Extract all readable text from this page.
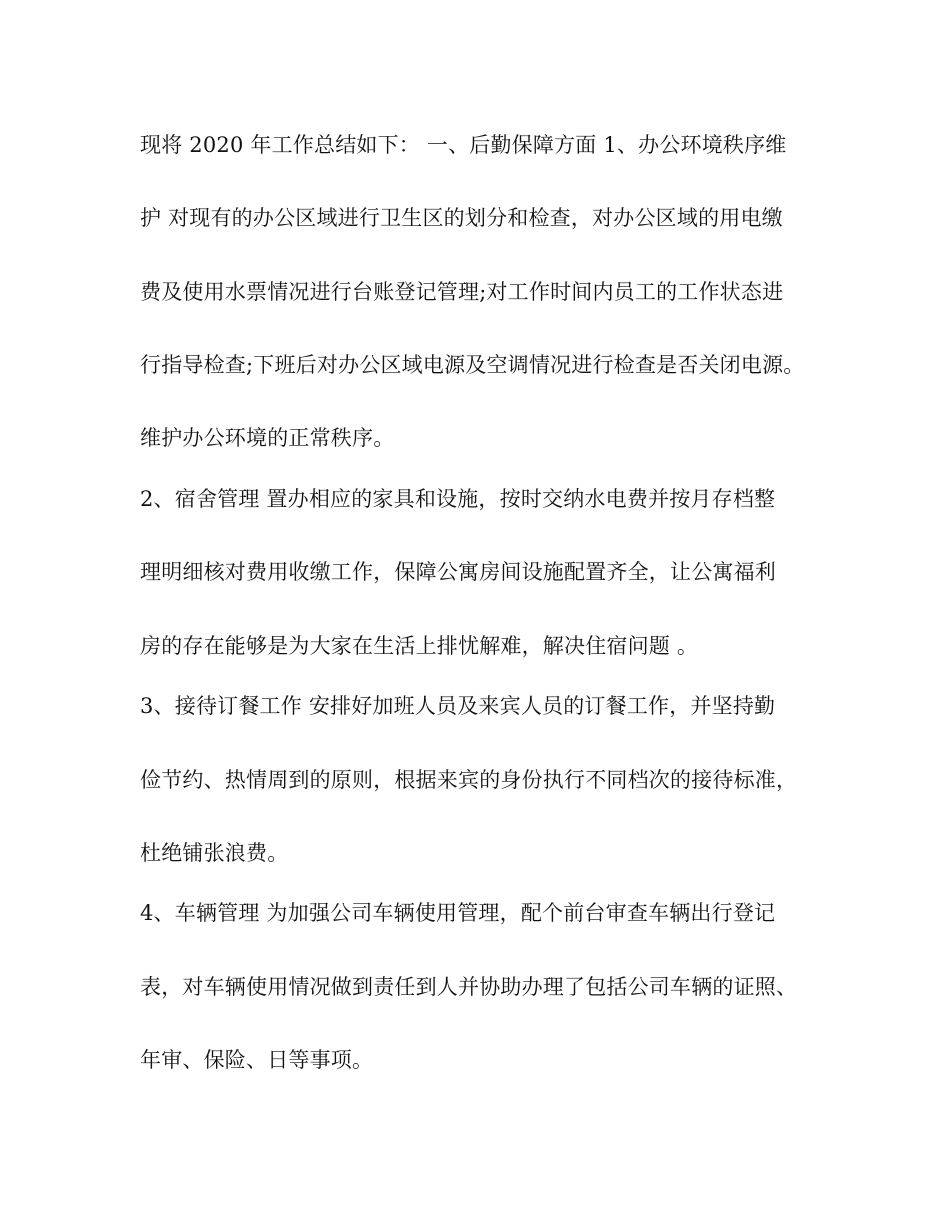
现将 2020 年工作总结如下： 一、后勤保障方面 1、办公环境秩序维
护 对现有的办公区域进行卫生区的划分和检查，对办公区域的用电缴
费及使用水票情况进行台账登记管理;对工作时间内员工的工作状态进
行指导检查;下班后对办公区域电源及空调情况进行检查是否关闭电源。
维护办公环境的正常秩序。
2、宿舍管理 置办相应的家具和设施，按时交纳水电费并按月存档整
理明细核对费用收缴工作，保障公寓房间设施配置齐全，让公寓福利
房的存在能够是为大家在生活上排忧解难，解决住宿问题 。
3、接待订餐工作 安排好加班人员及来宾人员的订餐工作，并坚持勤
俭节约、热情周到的原则，根据来宾的身份执行不同档次的接待标准，
杜绝铺张浪费。
4、车辆管理 为加强公司车辆使用管理，配个前台审查车辆出行登记
表，对车辆使用情况做到责任到人并协助办理了包括公司车辆的证照、
年审、保险、日等事项。
